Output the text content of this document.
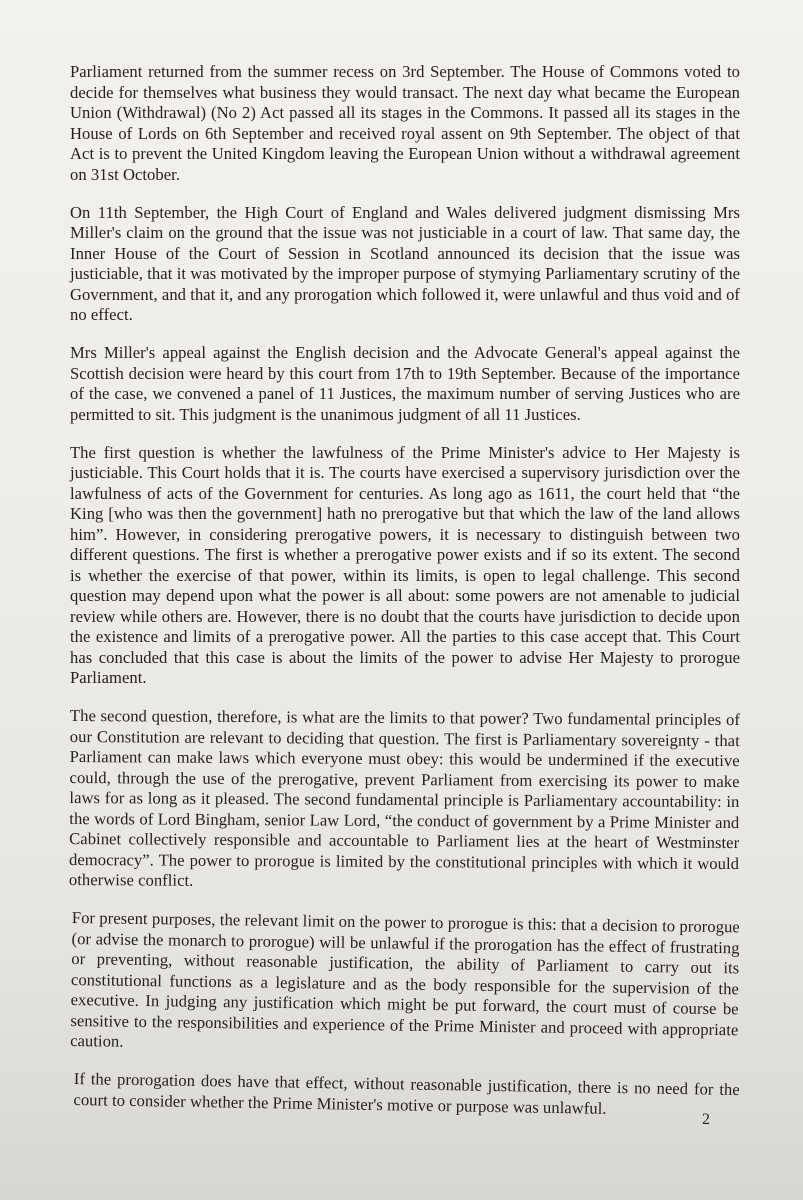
Parliament returned from the summer recess on 3rd September. The House of Commons voted to decide for themselves what business they would transact. The next day what became the European Union (Withdrawal) (No 2) Act passed all its stages in the Commons. It passed all its stages in the House of Lords on 6th September and received royal assent on 9th September. The object of that Act is to prevent the United Kingdom leaving the European Union without a withdrawal agreement on 31st October.

On 11th September, the High Court of England and Wales delivered judgment dismissing Mrs Miller's claim on the ground that the issue was not justiciable in a court of law. That same day, the Inner House of the Court of Session in Scotland announced its decision that the issue was justiciable, that it was motivated by the improper purpose of stymying Parliamentary scrutiny of the Government, and that it, and any prorogation which followed it, were unlawful and thus void and of no effect.

Mrs Miller's appeal against the English decision and the Advocate General's appeal against the Scottish decision were heard by this court from 17th to 19th September. Because of the importance of the case, we convened a panel of 11 Justices, the maximum number of serving Justices who are permitted to sit. This judgment is the unanimous judgment of all 11 Justices.

The first question is whether the lawfulness of the Prime Minister's advice to Her Majesty is justiciable. This Court holds that it is. The courts have exercised a supervisory jurisdiction over the lawfulness of acts of the Government for centuries. As long ago as 1611, the court held that “the King [who was then the government] hath no prerogative but that which the law of the land allows him”. However, in considering prerogative powers, it is necessary to distinguish between two different questions. The first is whether a prerogative power exists and if so its extent. The second is whether the exercise of that power, within its limits, is open to legal challenge. This second question may depend upon what the power is all about: some powers are not amenable to judicial review while others are. However, there is no doubt that the courts have jurisdiction to decide upon the existence and limits of a prerogative power. All the parties to this case accept that. This Court has concluded that this case is about the limits of the power to advise Her Majesty to prorogue Parliament.

The second question, therefore, is what are the limits to that power? Two fundamental principles of our Constitution are relevant to deciding that question. The first is Parliamentary sovereignty - that Parliament can make laws which everyone must obey: this would be undermined if the executive could, through the use of the prerogative, prevent Parliament from exercising its power to make laws for as long as it pleased. The second fundamental principle is Parliamentary accountability: in the words of Lord Bingham, senior Law Lord, “the conduct of government by a Prime Minister and Cabinet collectively responsible and accountable to Parliament lies at the heart of Westminster democracy”. The power to prorogue is limited by the constitutional principles with which it would otherwise conflict.

For present purposes, the relevant limit on the power to prorogue is this: that a decision to prorogue (or advise the monarch to prorogue) will be unlawful if the prorogation has the effect of frustrating or preventing, without reasonable justification, the ability of Parliament to carry out its constitutional functions as a legislature and as the body responsible for the supervision of the executive. In judging any justification which might be put forward, the court must of course be sensitive to the responsibilities and experience of the Prime Minister and proceed with appropriate caution.

If the prorogation does have that effect, without reasonable justification, there is no need for the court to consider whether the Prime Minister's motive or purpose was unlawful.

2
